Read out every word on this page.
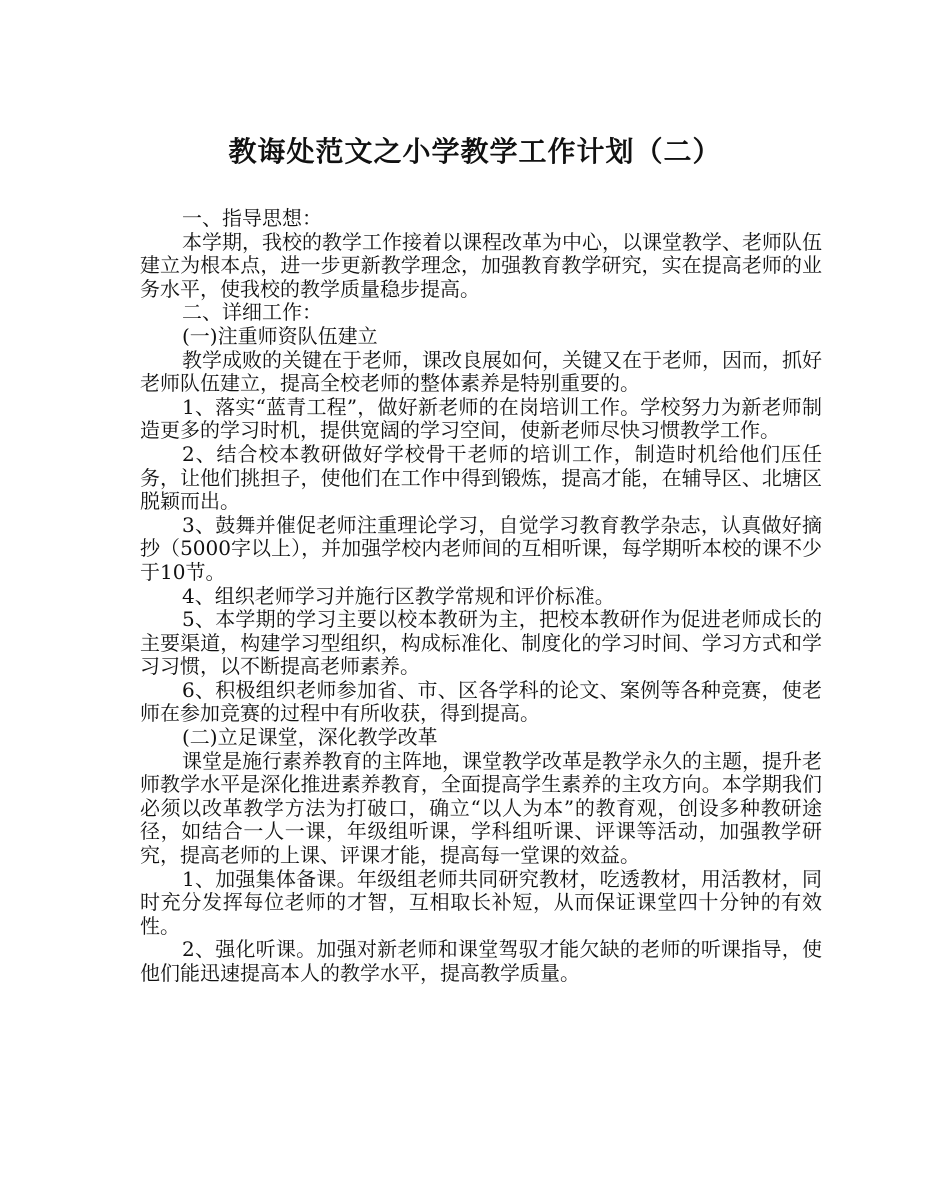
教诲处范文之小学教学工作计划（二）

一、指导思想：

本学期，我校的教学工作接着以课程改革为中心，以课堂教学、老师队伍建立为根本点，进一步更新教学理念，加强教育教学研究，实在提高老师的业务水平，使我校的教学质量稳步提高。

二、详细工作：

(一)注重师资队伍建立

教学成败的关键在于老师，课改良展如何，关键又在于老师，因而，抓好老师队伍建立，提高全校老师的整体素养是特别重要的。

1、落实“蓝青工程”，做好新老师的在岗培训工作。学校努力为新老师制造更多的学习时机，提供宽阔的学习空间，使新老师尽快习惯教学工作。

2、结合校本教研做好学校骨干老师的培训工作，制造时机给他们压任务，让他们挑担子，使他们在工作中得到锻炼，提高才能，在辅导区、北塘区脱颖而出。

3、鼓舞并催促老师注重理论学习，自觉学习教育教学杂志，认真做好摘抄（5000字以上），并加强学校内老师间的互相听课，每学期听本校的课不少于10节。

4、组织老师学习并施行区教学常规和评价标准。

5、本学期的学习主要以校本教研为主，把校本教研作为促进老师成长的主要渠道，构建学习型组织，构成标准化、制度化的学习时间、学习方式和学习习惯，以不断提高老师素养。

6、积极组织老师参加省、市、区各学科的论文、案例等各种竞赛，使老师在参加竞赛的过程中有所收获，得到提高。

(二)立足课堂，深化教学改革

课堂是施行素养教育的主阵地，课堂教学改革是教学永久的主题，提升老师教学水平是深化推进素养教育，全面提高学生素养的主攻方向。本学期我们必须以改革教学方法为打破口，确立“以人为本”的教育观，创设多种教研途径，如结合一人一课，年级组听课，学科组听课、评课等活动，加强教学研究，提高老师的上课、评课才能，提高每一堂课的效益。

1、加强集体备课。年级组老师共同研究教材，吃透教材，用活教材，同时充分发挥每位老师的才智，互相取长补短，从而保证课堂四十分钟的有效性。

2、强化听课。加强对新老师和课堂驾驭才能欠缺的老师的听课指导，使他们能迅速提高本人的教学水平，提高教学质量。
